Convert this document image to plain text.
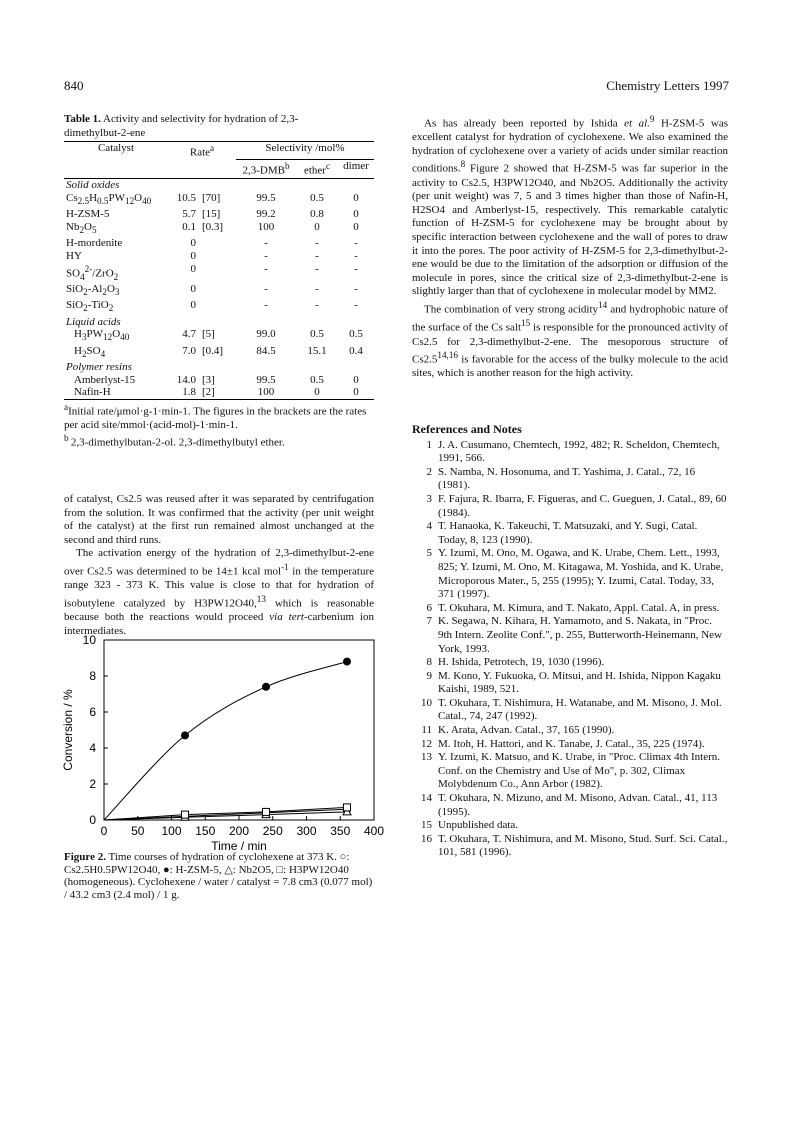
840	Chemistry Letters 1997
Table 1. Activity and selectivity for hydration of 2,3-
dimethylbut-2-ene
Catalyst	Rate$^a$		Selectivity /mol%		
			2,3-DMB$^b$	ether$^c$	dimer
Solid oxides					
$Cs_{2.5}H_{0.5}PW_{12}O_{40}$	10.5	[70]	99.5	0.5	0
H-ZSM-5	5.7	[15]	99.2	0.8	0
$Nb_2O_5$	0.1	[0.3]	100	0	0
H-mordenite	0		-	-	-
HY	0		-	-	-
$SO_4^{2-}/ZrO_2$	0		-	-	-
$SiO_2-Al_2O_3$	0		-	-	-
SiO$_2$-TiO$_2$	0		-	-	-
Liquid acids					
$H_3PW_{12}O_{40}$	4.7	[5]	99.0	0.5	0.5
$H_2SO_4$	7.0	[0.4]	84.5	15.1	0.4
Polymer resins					
Amberlyst-15	14.0	[3]	99.5	0.5	0
Nafin-H	1.8	[2]	100	0	0
$^a$Initial rate/μmol·g-1·min-1. The figures in the brackets are the rates per acid site/mmol·(acid-mol)-1·min-1.
$^b$ 2,3-dimethylbutan-2-ol. 2,3-dimethylbutyl ether.

of catalyst, Cs2.5 was reused after it was separated by centrifugation from the solution. It was confirmed that the activity (per unit weight of the catalyst) at the first run remained almost unchanged at the second and third runs.

The activation energy of the hydration of 2,3-dimethylbut-2-ene over Cs2.5 was determined to be 14±1 kcal mol$^{-1}$ in the temperature range 323 - 373 K. This value is close to that for hydration of isobutylene catalyzed by H3PW12O40,13 which is reasonable because both the reactions would proceed via tert-carbenium ion intermediates.

0 50 100 150 200 250 300 350 400
0
2
4
6
8
10
Time / min
Conversion / %
Figure 2. Time courses of hydration of cyclohexene at 373 K. ○: Cs2.5H0.5PW12O40, ●: H-ZSM-5, △: Nb2O5, □: H3PW12O40 (homogeneous). Cyclohexene / water / catalyst = 7.8 cm3 (0.077 mol) / 43.2 cm3 (2.4 mol) / 1 g.

As has already been reported by Ishida et al.$^9$ H-ZSM-5 was excellent catalyst for hydration of cyclohexene. We also examined the hydration of cyclohexene over a variety of acids under similar reaction conditions.$^8$ Figure 2 showed that H-ZSM-5 was far superior in the activity to Cs2.5, H3PW12O40, and Nb2O5. Additionally the activity (per unit weight) was 7, 5 and 3 times higher than those of Nafin-H, H2SO4 and Amberlyst-15, respectively. This remarkable catalytic function of H-ZSM-5 for cyclohexene may be brought about by specific interaction between cyclohexene and the wall of pores to draw it into the pores. The poor activity of H-ZSM-5 for 2,3-dimethylbut-2-ene would be due to the limitation of the adsorption or diffusion of the molecule in pores, since the critical size of 2,3-dimethylbut-2-ene is slightly larger than that of cyclohexene in molecular model by MM2.

The combination of very strong acidity$^{14}$ and hydrophobic nature of the surface of the Cs salt$^{15}$ is responsible for the pronounced activity of Cs2.5 for 2,3-dimethylbut-2-ene. The mesoporous structure of Cs2.5$^{14,16}$ is favorable for the access of the bulky molecule to the acid sites, which is another reason for the high activity.

References and Notes
1 J. A. Cusumano, Chemtech, 1992, 482; R. Scheldon, Chemtech, 1991, 566.
2 S. Namba, N. Hosonuma, and T. Yashima, J. Catal., 72, 16 (1981).
3 F. Fajura, R. Ibarra, F. Figueras, and C. Gueguen, J. Catal., 89, 60 (1984).
4 T. Hanaoka, K. Takeuchi, T. Matsuzaki, and Y. Sugi, Catal. Today, 8, 123 (1990).
5 Y. Izumi, M. Ono, M. Ogawa, and K. Urabe, Chem. Lett., 1993, 825; Y. Izumi, M. Ono, M. Kitagawa, M. Yoshida, and K. Urabe, Microporous Mater., 5, 255 (1995); Y. Izumi, Catal. Today, 33, 371 (1997).
6 T. Okuhara, M. Kimura, and T. Nakato, Appl. Catal. A, in press.
7 K. Segawa, N. Kihara, H. Yamamoto, and S. Nakata, in "Proc. 9th Intern. Zeolite Conf.", p. 255, Butterworth-Heinemann, New York, 1993.
8 H. Ishida, Petrotech, 19, 1030 (1996).
9 M. Kono, Y. Fukuoka, O. Mitsui, and H. Ishida, Nippon Kagaku Kaishi, 1989, 521.
10 T. Okuhara, T. Nishimura, H. Watanabe, and M. Misono, J. Mol. Catal., 74, 247 (1992).
11 K. Arata, Advan. Catal., 37, 165 (1990).
12 M. Itoh, H. Hattori, and K. Tanabe, J. Catal., 35, 225 (1974).
13 Y. Izumi, K. Matsuo, and K. Urabe, in "Proc. Climax 4th Intern. Conf. on the Chemistry and Use of Mo", p. 302, Climax Molybdenum Co., Ann Arbor (1982).
14 T. Okuhara, N. Mizuno, and M. Misono, Advan. Catal., 41, 113 (1995).
15 Unpublished data.
16 T. Okuhara, T. Nishimura, and M. Misono, Stud. Surf. Sci. Catal., 101, 581 (1996).
